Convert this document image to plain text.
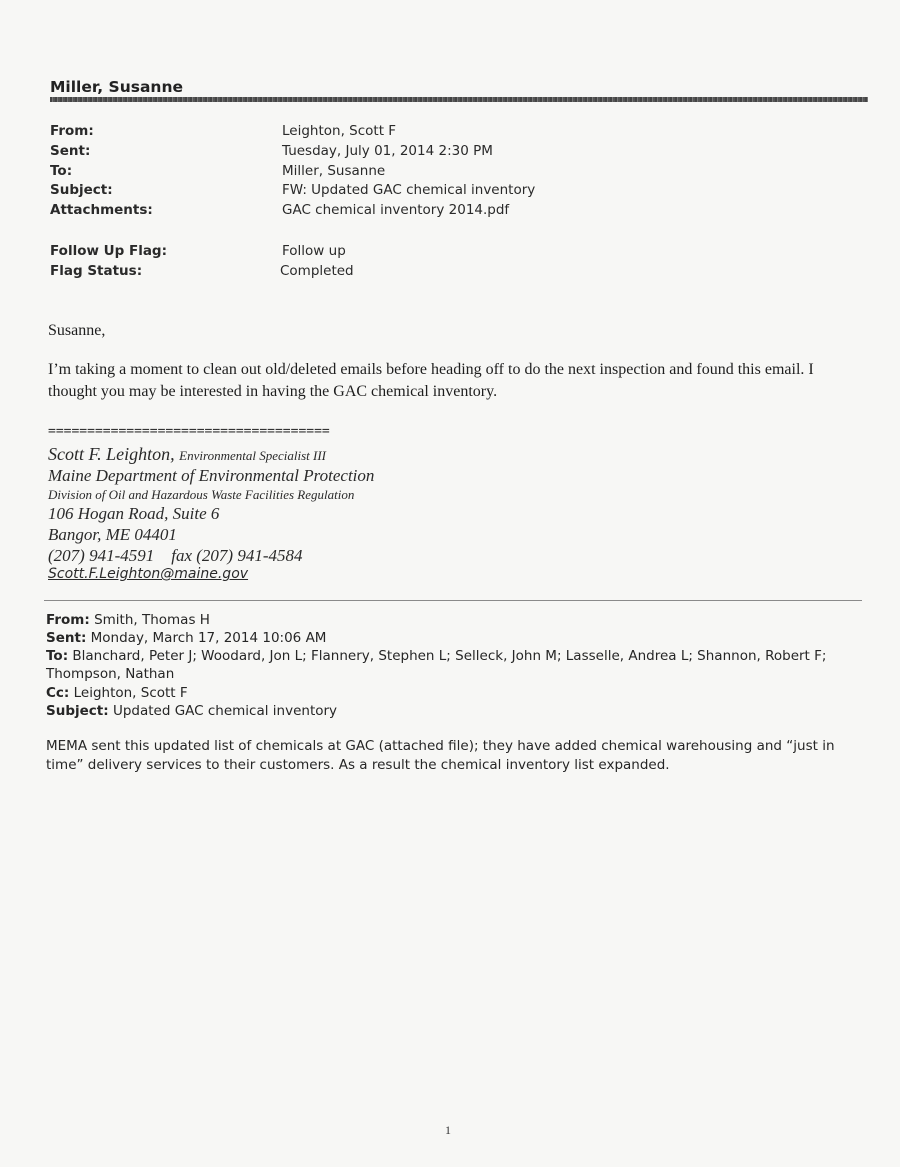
Miller, Susanne
From:	Leighton, Scott F
Sent:	Tuesday, July 01, 2014 2:30 PM
To:	Miller, Susanne
Subject:	FW: Updated GAC chemical inventory
Attachments:	GAC chemical inventory 2014.pdf
Follow Up Flag:	Follow up
Flag Status:	Completed
Susanne,
I’m taking a moment to clean out old/deleted emails before heading off to do the next inspection and found this email. I thought you may be interested in having the GAC chemical inventory.
====================================
Scott F. Leighton, Environmental Specialist III
Maine Department of Environmental Protection
Division of Oil and Hazardous Waste Facilities Regulation
106 Hogan Road, Suite 6
Bangor, ME 04401
(207) 941-4591    fax (207) 941-4584
Scott.F.Leighton@maine.gov
From: Smith, Thomas H
Sent: Monday, March 17, 2014 10:06 AM
To: Blanchard, Peter J; Woodard, Jon L; Flannery, Stephen L; Selleck, John M; Lasselle, Andrea L; Shannon, Robert F; Thompson, Nathan
Cc: Leighton, Scott F
Subject: Updated GAC chemical inventory
MEMA sent this updated list of chemicals at GAC (attached file); they have added chemical warehousing and “just in time” delivery services to their customers. As a result the chemical inventory list expanded.
1
